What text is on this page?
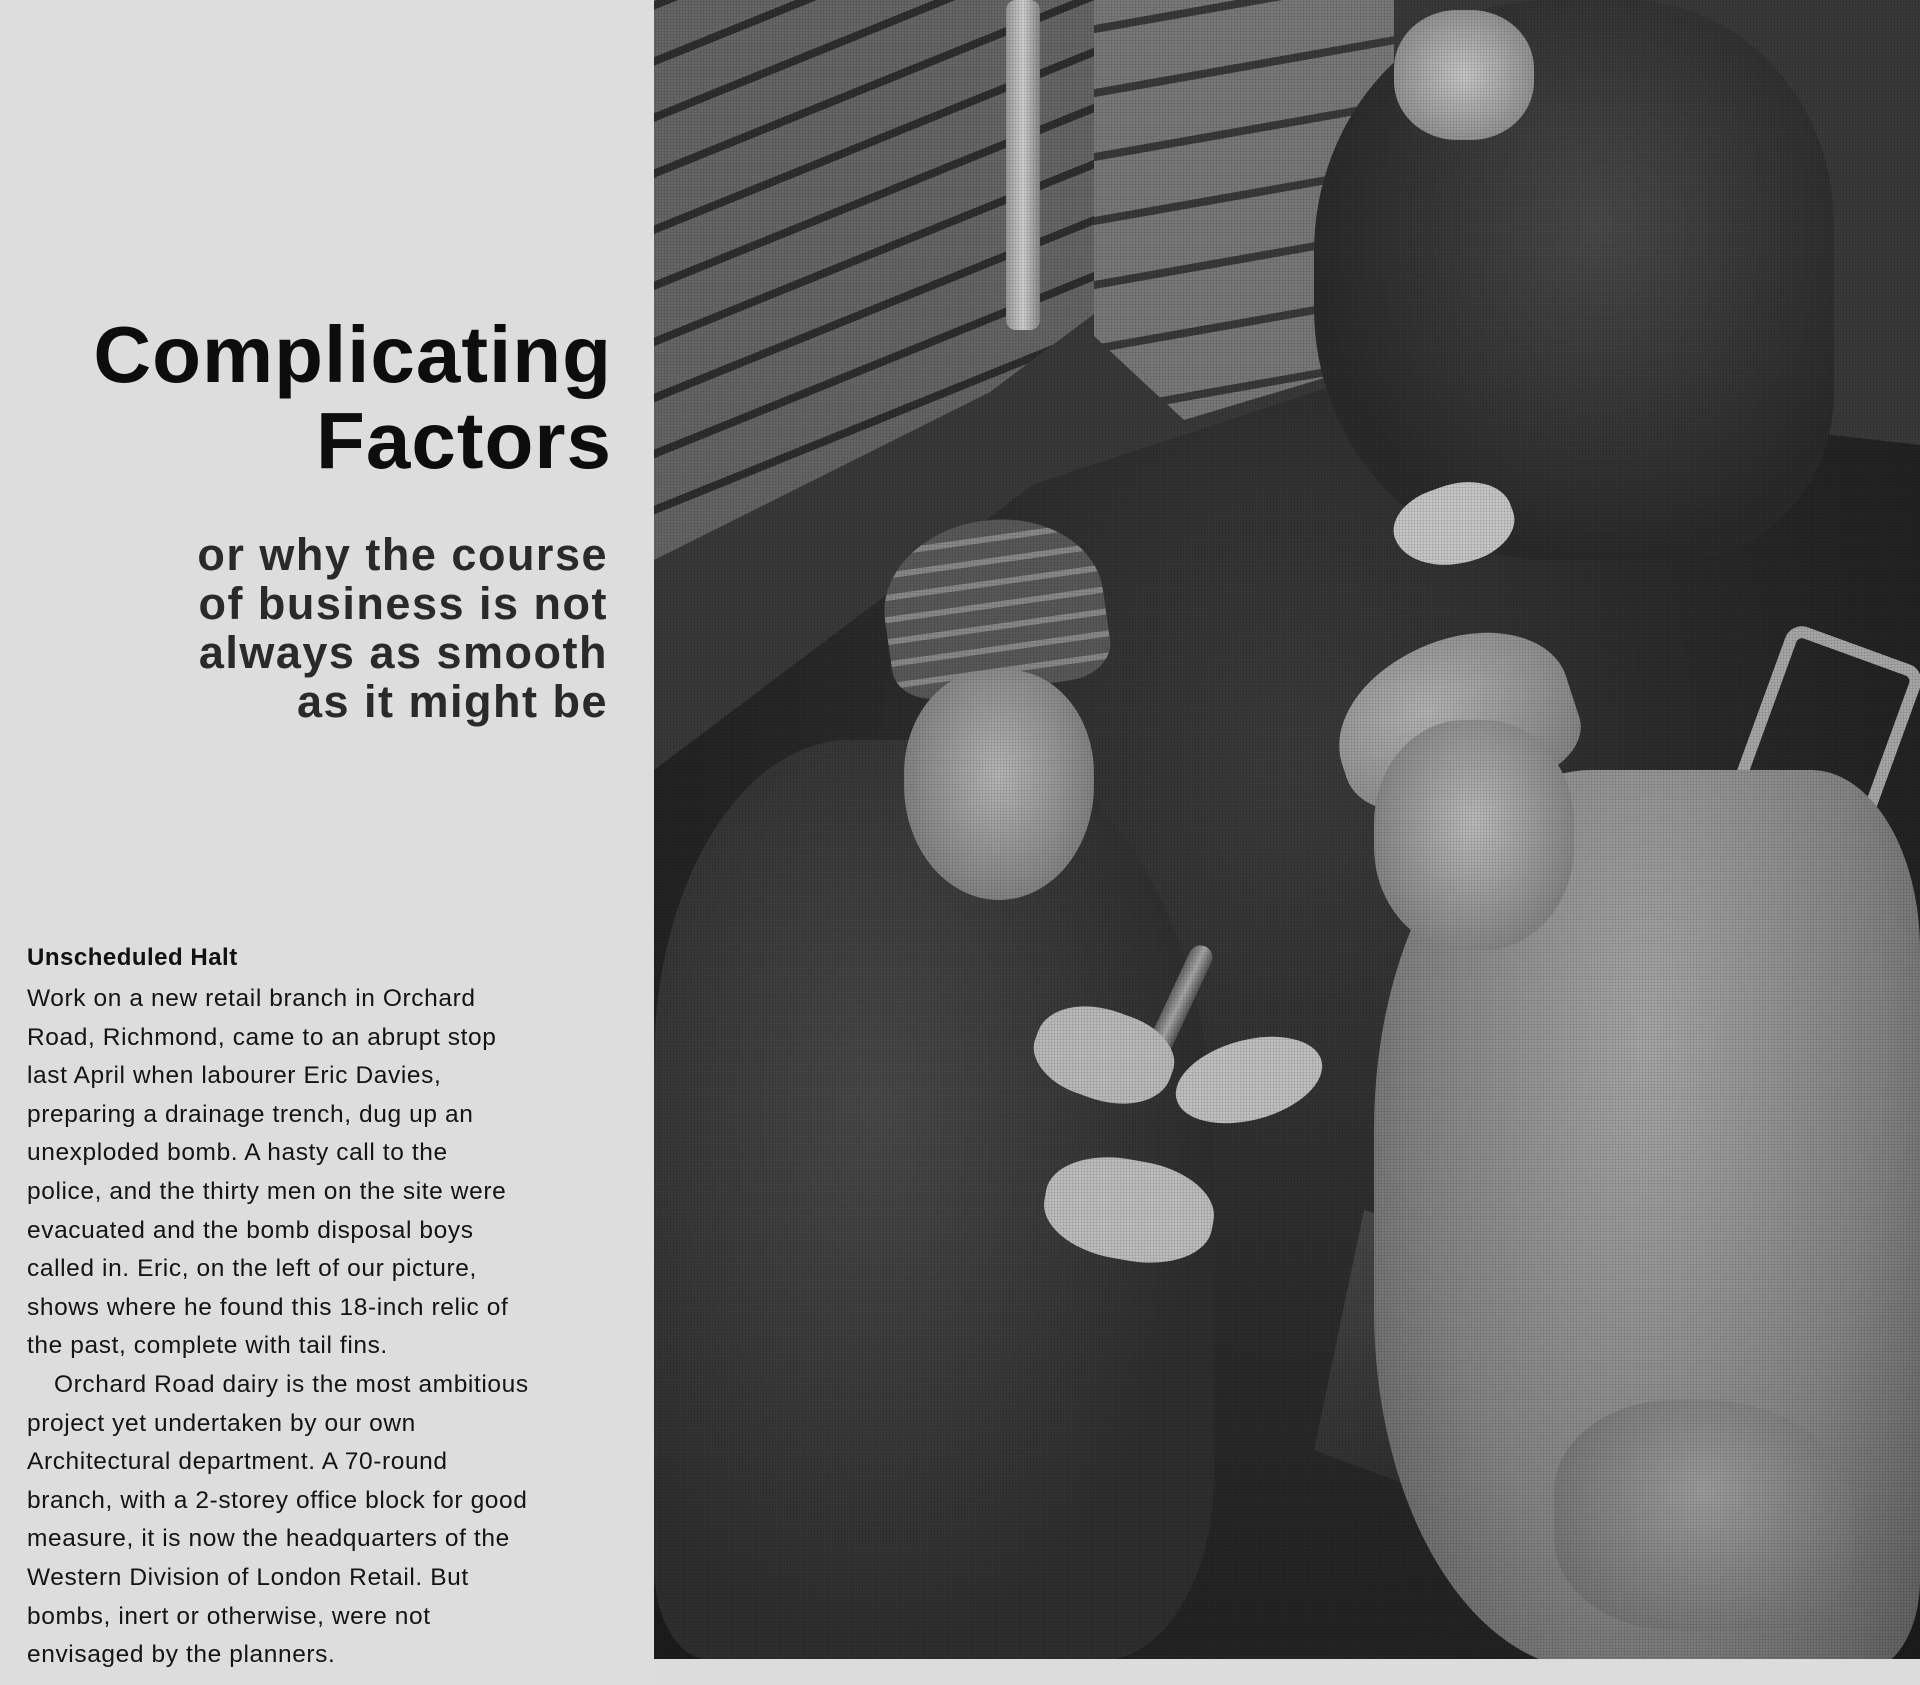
Complicating
Factors
or why the course
of business is not
always as smooth
as it might be
Unscheduled Halt
Work on a new retail branch in Orchard
Road, Richmond, came to an abrupt stop
last April when labourer Eric Davies,
preparing a drainage trench, dug up an
unexploded bomb. A hasty call to the
police, and the thirty men on the site were
evacuated and the bomb disposal boys
called in. Eric, on the left of our picture,
shows where he found this 18-inch relic of
the past, complete with tail fins.
Orchard Road dairy is the most ambitious
project yet undertaken by our own
Architectural department. A 70-round
branch, with a 2-storey office block for good
measure, it is now the headquarters of the
Western Division of London Retail. But
bombs, inert or otherwise, were not
envisaged by the planners.
